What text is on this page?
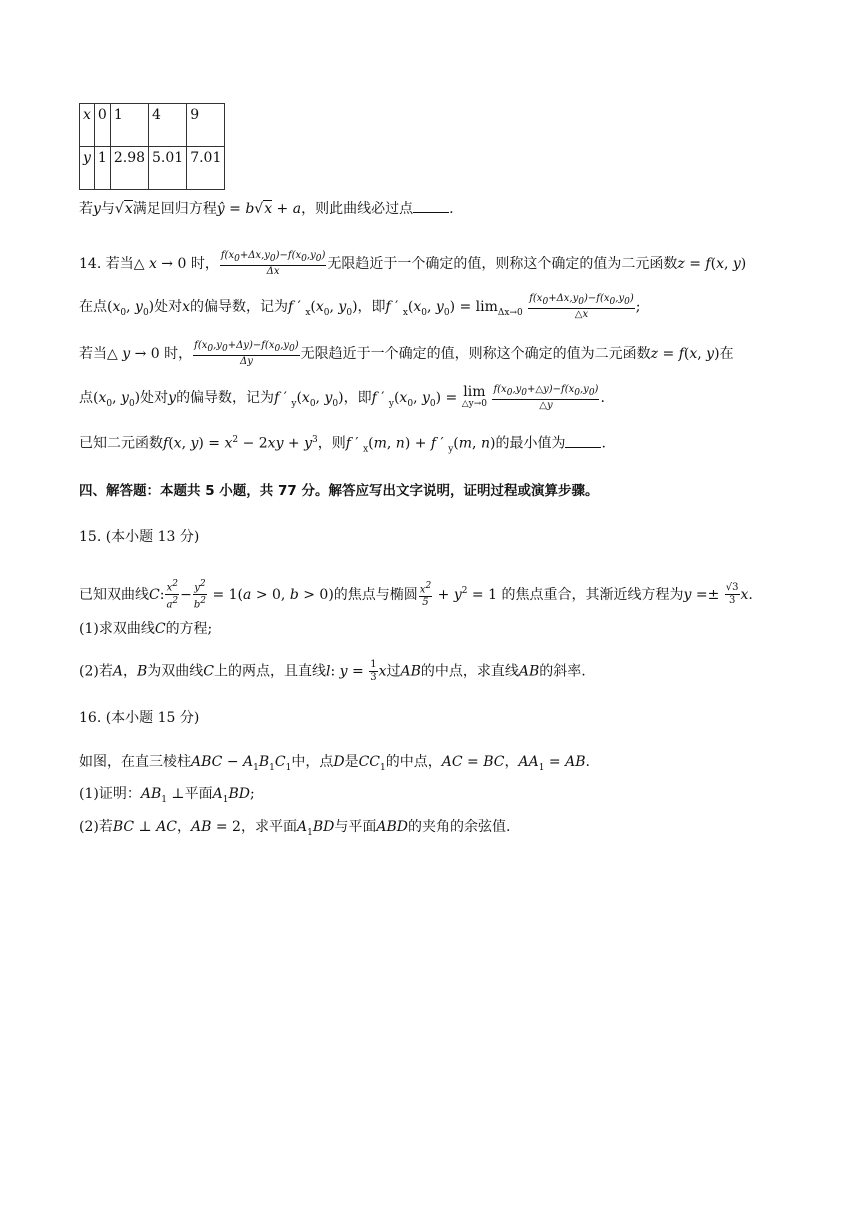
x	0	1	4	9
y	1	2.98	5.01	7.01
若y与√x满足回归方程ŷ = b√x + a，则此曲线必过点	.
14. 若当△ x → 0 时， $\frac{f(x0+\Delta x,y0)-f(x0,y0)}{\Delta x}$ 无限趋近于一个确定的值，则称这个确定的值为二元函数z = f(x, y)
在点($x_0$, $y_0$)处对x的偏导数，记为f ′ $_x(x_0$, $y_0$)，即f ′ $_x(x_0$, $y_0) = \lim_{\Delta x\to 0} \frac{f(x0+\Delta x,y0)-f(x0,y0)}{\triangle x}$ ;
若当△ y → 0 时， $\frac{f(x0,y0+\Delta y)-f(x0,y0)}{\Delta y}$ 无限趋近于一个确定的值，则称这个确定的值为二元函数z = f(x, y)在
点($x_0$, $y_0$)处对y的偏导数，记为f ′ $_y(x_0$, $y_0$)，即f ′ $_y(x_0$, $y_0) = \lim$
△y→0
$\frac{f(x0,y0+\triangle y)-f(x0,y0)}{\triangle y}$ .
已知二元函数f(x, $y) = x^2 - 2xy + y^3$，则f ′ $_x$(m, n) + f ′ $_y$(m, n)的最小值为	.
四、解答题：本题共 5 小题，共 77 分。解答应写出文字说明，证明过程或演算步骤。
15. (本小题 13 分)
已知双曲线C: $\frac{x2}{a2} - \frac{y2}{b2} = 1(a > 0$, b > 0)的焦点与椭圆 $\frac{x2}{5} + y^2 = 1$ 的焦点重合，其渐近线方程为$y =\pm \frac{√3}{3} x$.
(1)求双曲线C的方程;
(2)若A，B为双曲线C上的两点，且直线l: $y = \frac{1}{3}$ x过AB的中点，求直线AB的斜率.
16. (本小题 15 分)
如图，在直三棱柱ABC − $A_1B_1C_1$中，点D是$CC_1$的中点，AC = BC，$AA_1$ = AB.
(1)证明：$AB_1$ ⊥平面$A_1BD$;
(2)若BC ⊥ AC，AB = 2，求平面$A_1BD$与平面ABD的夹角的余弦值.
